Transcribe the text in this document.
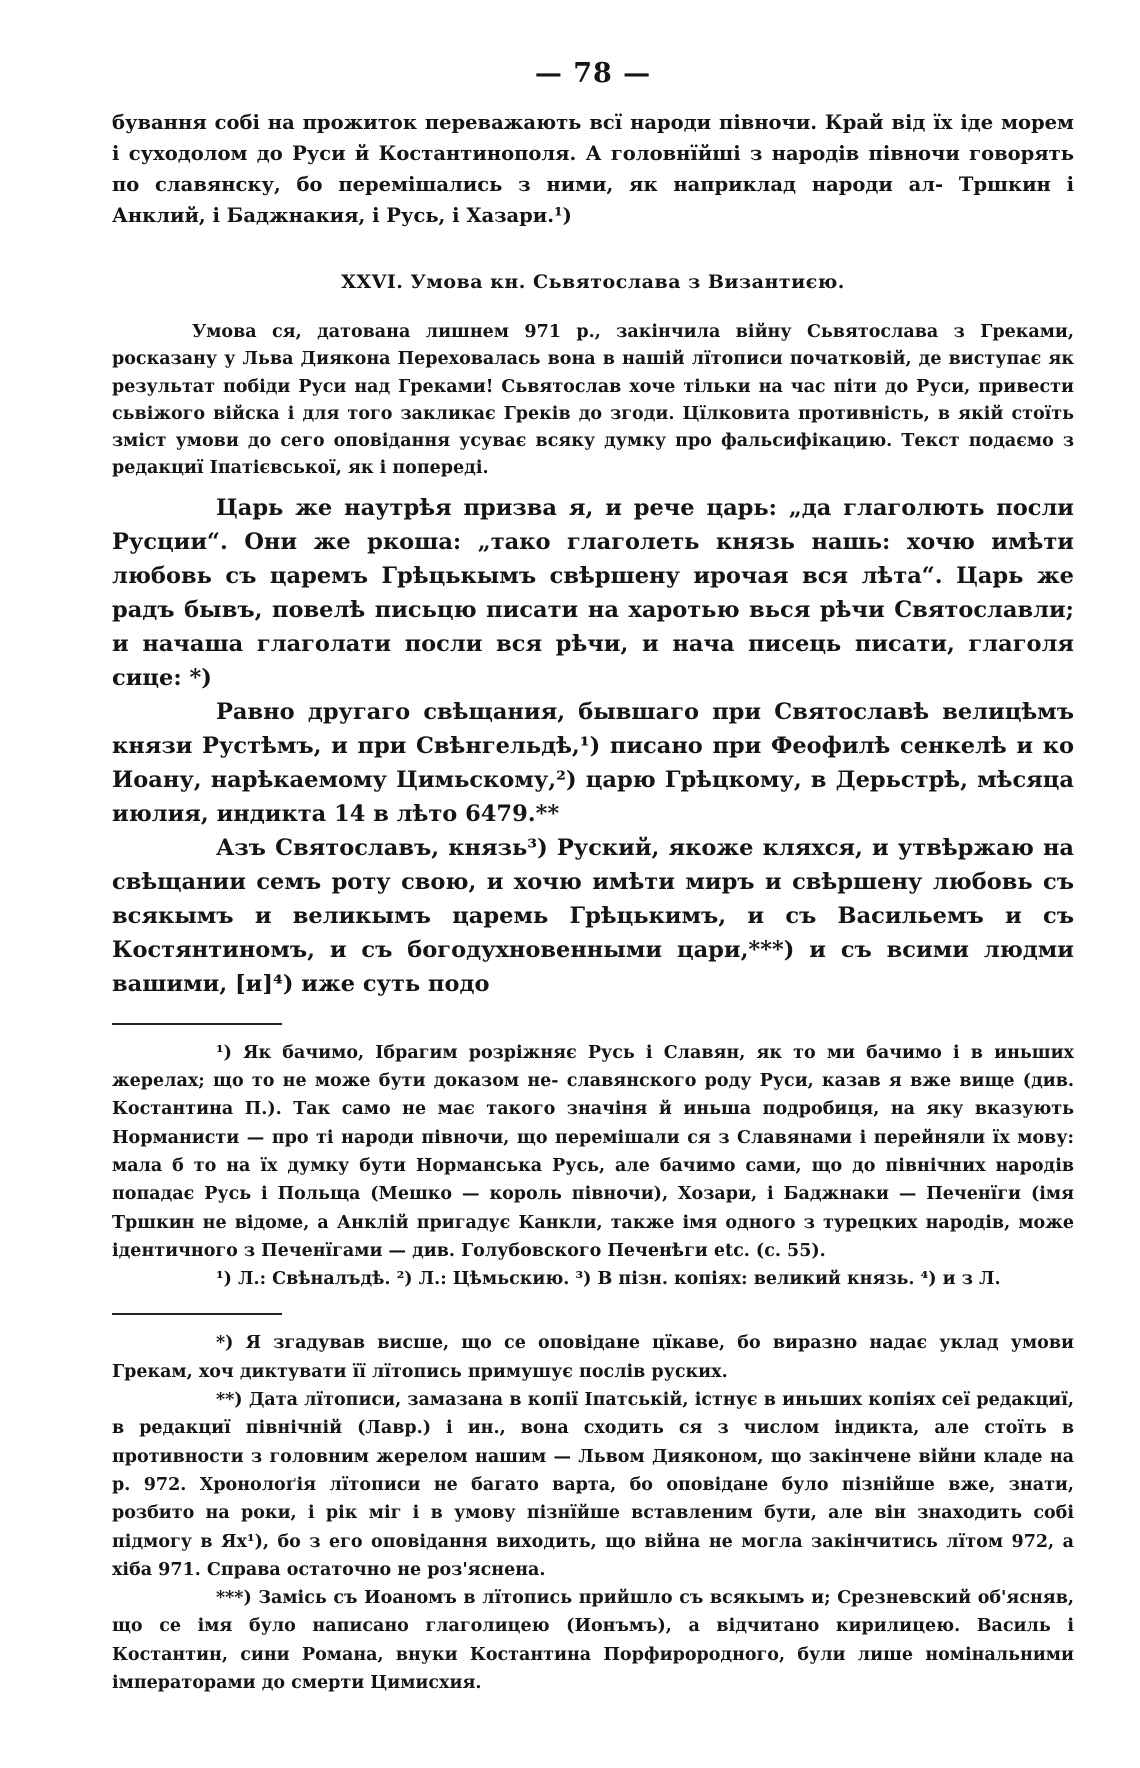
— 78 —

бування собі на прожиток переважають всї народи півночи. Край від їх іде морем і суходолом до Руси й Костантинополя. А головнїйші з народів півночи говорять по славянску, бо перемішались з ними, як наприклад народи ал- Тршкин і Анклий, і Баджнакия, і Русь, і Хазари.¹)

XXVI. Умова кн. Сьвятослава з Византиєю.

Умова ся, датована лишнем 971 р., закінчила війну Сьвятослава з Греками, росказану у Льва Диякона Переховалась вона в нашій лїтописи початковій, де виступає як результат побіди Руси над Греками! Сьвятослав хоче тільки на час піти до Руси, привести сьвіжого війска і для того закликає Греків до згоди. Цїлковита противність, в якій стоїть зміст умови до сего оповідання усуває всяку думку про фальсифікацию. Текст подаємо з редакциї Іпатієвської, як і попереді.

Царь же наутрѣя призва я, и рече царь: „да глаголють посли Русции“. Они же ркоша: „тако глаголеть князь нашь: хочю имѣти любовь съ царемъ Грѣцькымъ свѣршену ирочая вся лѣта“. Царь же радъ бывъ, повелѣ письцю писати на харотью вься рѣчи Святославли; и начаша глаголати посли вся рѣчи, и нача писець писати, глаголя сице: *)

Равно другаго свѣщания, бывшаго при Святославѣ велицѣмъ князи Рустѣмъ, и при Свѣнгельдѣ,¹) писано при Феофилѣ сенкелѣ и ко Иоану, нарѣкаемому Цимьскому,²) царю Грѣцкому, в Дерьстрѣ, мѣсяца июлия, индикта 14 в лѣто 6479.**

Азъ Святославъ, князь³) Руский, якоже кляхся, и утвѣржаю на свѣщании семъ роту свою, и хочю имѣти миръ и свѣршену любовь съ всякымъ и великымъ царемь Грѣцькимъ, и съ Васильемъ и съ Костянтиномъ, и съ богодухновенными цари,***) и съ всими людми вашими, [и]⁴) иже суть подо

¹) Як бачимо, Ібрагим розріжняє Русь і Славян, як то ми бачимо і в иньших жерелах; що то не може бути доказом не- славянского роду Руси, казав я вже вище (див. Костантина П.). Так само не має такого значіня й иньша подробиця, на яку вказують Норманисти — про ті народи півночи, що перемішали ся з Славянами і перейняли їх мову: мала б то на їх думку бути Норманська Русь, але бачимо сами, що до північних народів попадає Русь і Польща (Мешко — король півночи), Хозари, і Баджнаки — Печенїги (імя Тршкин не відоме, а Анклій пригадує Канкли, также імя одного з турецких народів, може ідентичного з Печенїгами — див. Голубовского Печенѣги etc. (с. 55).

¹) Л.: Свѣналъдѣ. ²) Л.: Цѣмьскию. ³) В пізн. копіях: великий князь. ⁴) и з Л.

*) Я згадував висше, що се оповідане цїкаве, бо виразно надає уклад умови Грекам, хоч диктувати її лїтопись примушує послів руских.

**) Дата лїтописи, замазана в копії Іпатській, істнує в иньших копіях сеї редакциї, в редакциї північній (Лавр.) і ин., вона сходить ся з числом індикта, але стоїть в противности з головним жерелом нашим — Львом Дияконом, що закінчене війни кладе на р. 972. Хронолоґія лїтописи не багато варта, бо оповідане було пізнійше вже, знати, розбито на роки, і рік міг і в умову пізнїйше вставленим бути, але він знаходить собі підмогу в Ях¹), бо з его оповідання виходить, що війна не могла закінчитись лїтом 972, а хіба 971. Справа остаточно не роз'яснена.

***) Замісь съ Иоаномъ в лїтопись прийшло съ всякымъ и; Срезневский об'ясняв, що се імя було написано глаголицею (Ионъмъ), а відчитано кирилицею. Василь і Костантин, сини Романа, внуки Костантина Порфирородного, були лише номінальними імператорами до смерти Цимисхия.
